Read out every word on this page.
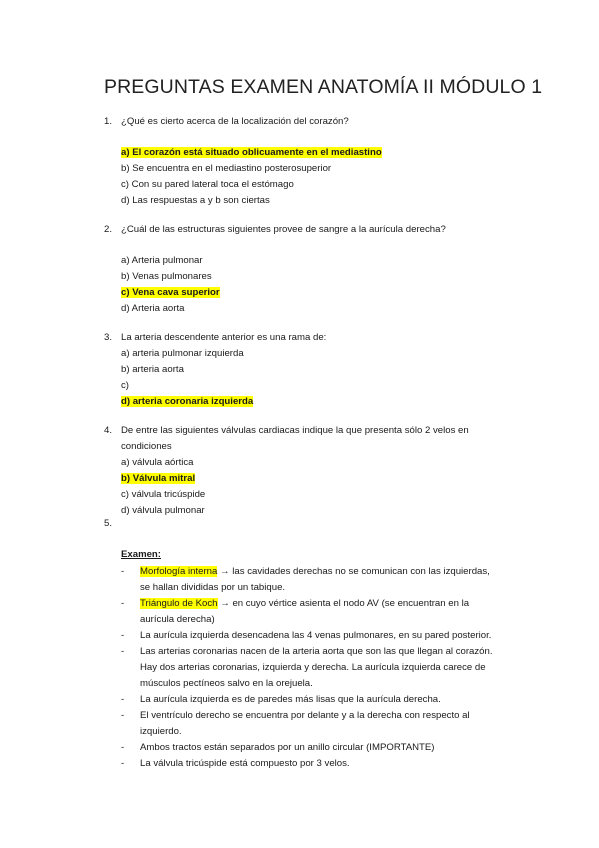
PREGUNTAS EXAMEN ANATOMÍA II MÓDULO 1
1. ¿Qué es cierto acerca de la localización del corazón?
a) El corazón está situado oblicuamente en el mediastino
b) Se encuentra en el mediastino posterosuperior
c) Con su pared lateral toca el estómago
d) Las respuestas a y b son ciertas
2. ¿Cuál de las estructuras siguientes provee de sangre a la aurícula derecha?
a) Arteria pulmonar
b) Venas pulmonares
c) Vena cava superior
d) Arteria aorta
3. La arteria descendente anterior es una rama de:
a) arteria pulmonar izquierda
b) arteria aorta
c)
d) arteria coronaria izquierda
4. De entre las siguientes válvulas cardiacas indique la que presenta sólo 2 velos en
condiciones
a) válvula aórtica
b) Válvula mitral
c) válvula tricúspide
d) válvula pulmonar
5.
Examen:
- Morfología interna → las cavidades derechas no se comunican con las izquierdas,
se hallan divididas por un tabique.
- Triángulo de Koch → en cuyo vértice asienta el nodo AV (se encuentran en la
aurícula derecha)
- La aurícula izquierda desencadena las 4 venas pulmonares, en su pared posterior.
- Las arterias coronarias nacen de la arteria aorta que son las que llegan al corazón.
Hay dos arterias coronarias, izquierda y derecha. La aurícula izquierda carece de
músculos pectíneos salvo en la orejuela.
- La aurícula izquierda es de paredes más lisas que la aurícula derecha.
- El ventrículo derecho se encuentra por delante y a la derecha con respecto al
izquierdo.
- Ambos tractos están separados por un anillo circular (IMPORTANTE)
- La válvula tricúspide está compuesto por 3 velos.
